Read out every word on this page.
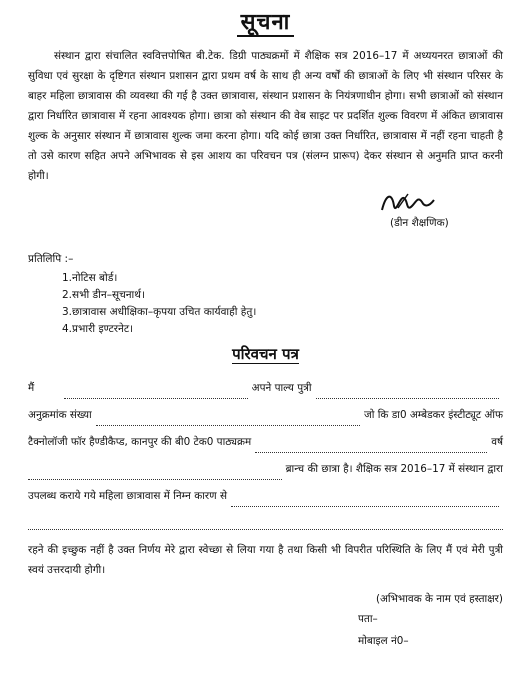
सूचना

संस्थान द्वारा संचालित स्ववित्तपोषित बी.टेक. डिग्री पाठ्यक्रमों में शैक्षिक सत्र 2016–17 में अध्ययनरत छात्राओं की सुविधा एवं सुरक्षा के दृष्टिगत संस्थान प्रशासन द्वारा प्रथम वर्ष के साथ ही अन्य वर्षों की छात्राओं के लिए भी संस्थान परिसर के बाहर महिला छात्रावास की व्यवस्था की गई है उक्त छात्रावास, संस्थान प्रशासन के नियंत्रणाधीन होगा। सभी छात्राओं को संस्थान द्वारा निर्धारित छात्रावास में रहना आवश्यक होगा। छात्रा को संस्थान की वेब साइट पर प्रदर्शित शुल्क विवरण में अंकित छात्रावास शुल्क के अनुसार संस्थान में छात्रावास शुल्क जमा करना होगा। यदि कोई छात्रा उक्त निर्धारित, छात्रावास में नहीं रहना चाहती है तो उसे कारण सहित अपने अभिभावक से इस आशय का परिवचन पत्र (संलग्न प्रारूप) देकर संस्थान से अनुमति प्राप्त करनी होगी।

(डीन शैक्षणिक)
प्रतिलिपि :–
1.नोटिस बोर्ड।
2.सभी डीन–सूचनार्थ।
3.छात्रावास अधीक्षिका–कृपया उचित कार्यवाही हेतु।
4.प्रभारी इण्टरनेट।
परिवचन पत्र
मैं	अपने पाल्य पुत्री
अनुक्रमांक संख्या	जो कि डा0 अम्बेडकर इंस्टीट्यूट ऑफ
टैक्नोलॉजी फॉर हैण्डीकैप्ड, कानपुर की बी0 टेक0 पाठ्यक्रम	वर्ष
ब्रान्च की छात्रा है। शैक्षिक सत्र 2016–17 में संस्थान द्वारा
उपलब्ध कराये गये महिला छात्रावास में निम्न कारण से

रहने की इच्छुक नहीं है उक्त निर्णय मेरे द्वारा स्वेच्छा से लिया गया है तथा किसी भी विपरीत परिस्थिति के लिए मैं एवं मेरी पुत्री स्वयं उत्तरदायी होगी।

(अभिभावक के नाम एवं हस्ताक्षर)
पता–
मोबाइल नं0–
